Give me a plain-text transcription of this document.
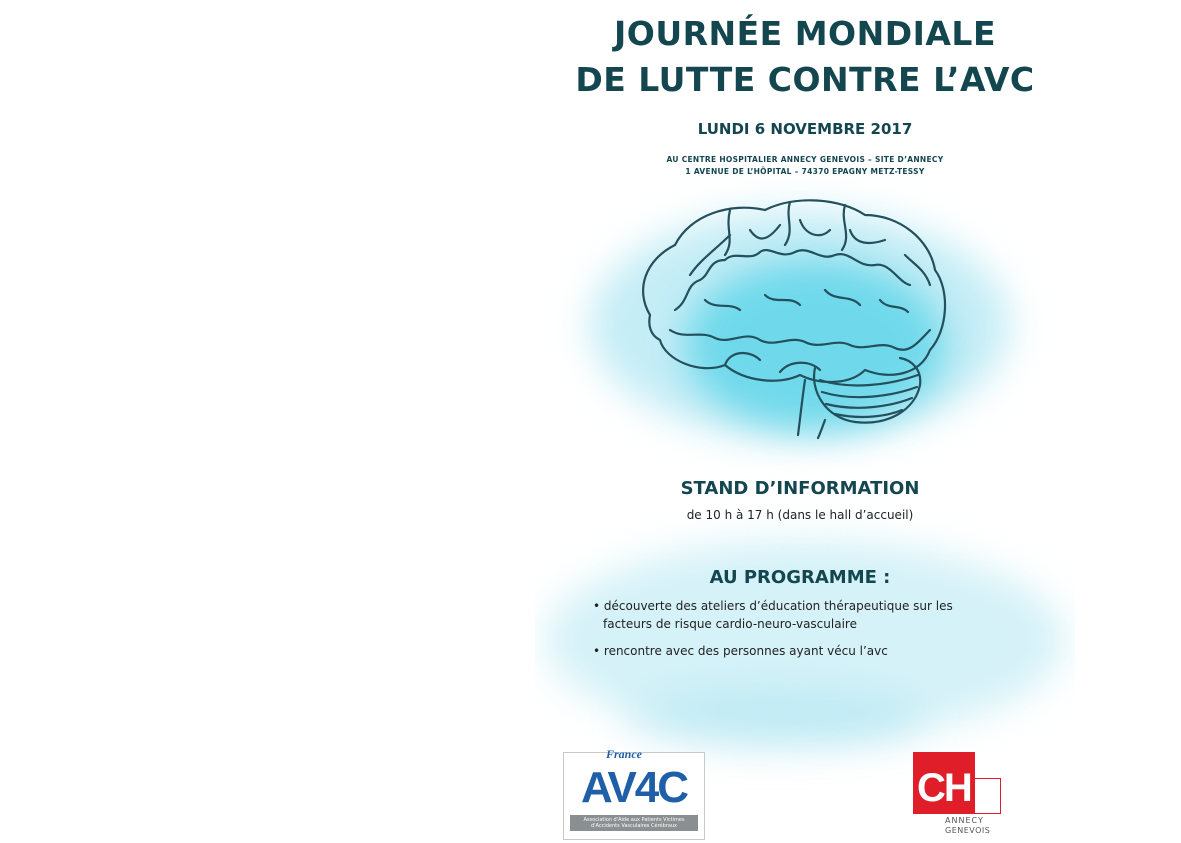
JOURNÉE MONDIALE
DE LUTTE CONTRE L’AVC
LUNDI 6 NOVEMBRE 2017
AU CENTRE HOSPITALIER ANNECY GENEVOIS – SITE D’ANNECY
1 AVENUE DE L’HÔPITAL – 74370 EPAGNY METZ-TESSY
STAND D’INFORMATION
de 10 h à 17 h (dans le hall d’accueil)
AU PROGRAMME :
• découverte des ateliers d’éducation thérapeutique sur les
facteurs de risque cardio-neuro-vasculaire
• rencontre avec des personnes ayant vécu l’avc
France
AV4C
Association d'Aide aux Patients Victimes d'Accidents Vasculaires Cérébraux
CH
ANNECY
GENEVOIS
